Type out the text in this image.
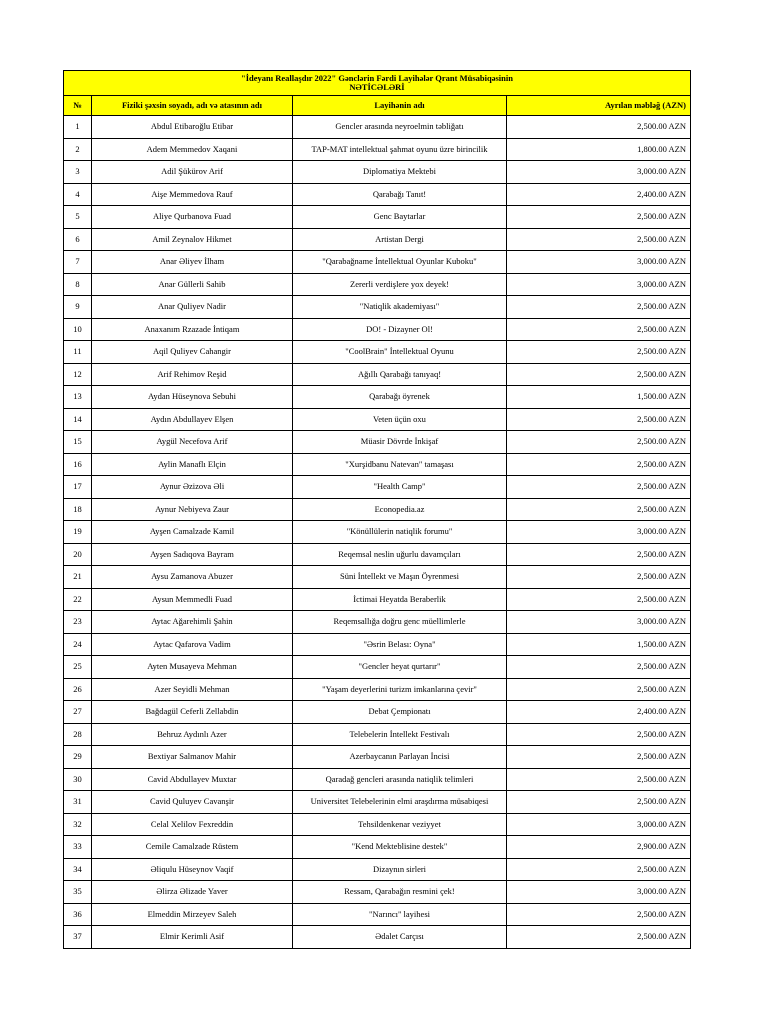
"İdeyanı Reallaşdır 2022" Gənclərin Fərdi Layihələr Qrant Müsabiqəsinin
NƏTİCƏLƏRİ			

№	Fiziki şəxsin soyadı, adı və atasının adı	Layihənin adı	Ayrılan məbləğ (AZN)
1	Abdul Etibaroğlu Etibar	Gencler arasında neyroelmin təbliğatı	2,500.00 AZN
2	Adem Memmedov Xaqani	TAP-MAT intellektual şahmat oyunu üzre birincilik	1,800.00 AZN
3	Adil Şükürov Arif	Diplomatiya Mektebi	3,000.00 AZN
4	Aişe Memmedova Rauf	Qarabağı Tanıt!	2,400.00 AZN
5	Aliye Qurbanova Fuad	Genc Baytarlar	2,500.00 AZN
6	Amil Zeynalov Hikmet	Artistan Dergi	2,500.00 AZN
7	Anar Əliyev İlham	"Qarabağname İntellektual Oyunlar Kuboku"	3,000.00 AZN
8	Anar Güllerli Sahib	Zererli verdişlere yox deyek!	3,000.00 AZN
9	Anar Quliyev Nadir	"Natiqlik akademiyası"	2,500.00 AZN
10	Anaxanım Rzazade İntiqam	DO! - Dizayner Ol!	2,500.00 AZN
11	Aqil Quliyev Cahangir	"CoolBrain" İntellektual Oyunu	2,500.00 AZN
12	Arif Rehimov Reşid	Ağıllı Qarabağı tanıyaq!	2,500.00 AZN
13	Aydan Hüseynova Sebuhi	Qarabağı öyrenek	1,500.00 AZN
14	Aydın Abdullayev Elşen	Veten üçün oxu	2,500.00 AZN
15	Aygül Necefova Arif	Müasir Dövrde İnkişaf	2,500.00 AZN
16	Aylin Manaflı Elçin	"Xurşidbanu Natevan" tamaşası	2,500.00 AZN
17	Aynur Əzizova Əli	"Health Camp"	2,500.00 AZN
18	Aynur Nebiyeva Zaur	Econopedia.az	2,500.00 AZN
19	Ayşen Camalzade Kamil	"Könüllülerin natiqlik forumu"	3,000.00 AZN
20	Ayşen Sadıqova Bayram	Reqemsal neslin uğurlu davamçıları	2,500.00 AZN
21	Aysu Zamanova Abuzer	Süni İntellekt ve Maşın Öyrenmesi	2,500.00 AZN
22	Aysun Memmedli Fuad	İctimai Heyatda Beraberlik	2,500.00 AZN
23	Aytac Ağarehimli Şahin	Reqemsallığa doğru genc müellimlerle	3,000.00 AZN
24	Aytac Qafarova Vadim	"Əsrin Belası: Oyna"	1,500.00 AZN
25	Ayten Musayeva Mehman	"Gencler heyat qurtarır"	2,500.00 AZN
26	Azer Seyidli Mehman	"Yaşam deyerlerini turizm imkanlarına çevir"	2,500.00 AZN
27	Bağdagül Ceferli Zellabdin	Debat Çempionatı	2,400.00 AZN
28	Behruz Aydınlı Azer	Telebelerin İntellekt Festivalı	2,500.00 AZN
29	Bextiyar Salmanov Mahir	Azerbaycanın Parlayan İncisi	2,500.00 AZN
30	Cavid Abdullayev Muxtar	Qaradağ gencleri arasında natiqlik telimleri	2,500.00 AZN
31	Cavid Quluyev Cavanşir	Universitet Telebelerinin elmi araşdırma müsabiqesi	2,500.00 AZN
32	Celal Xelilov Fexreddin	Tehsildenkenar veziyyet	3,000.00 AZN
33	Cemile Camalzade Rüstem	"Kend Mekteblisine destek"	2,900.00 AZN
34	Əliqulu Hüseynov Vaqif	Dizaynın sirleri	2,500.00 AZN
35	Əlirza Əlizade Yaver	Ressam, Qarabağın resmini çek!	3,000.00 AZN
36	Elmeddin Mirzeyev Saleh	"Narıncı" layihesi	2,500.00 AZN
37	Elmir Kerimli Asif	Ədalet Carçısı	2,500.00 AZN
